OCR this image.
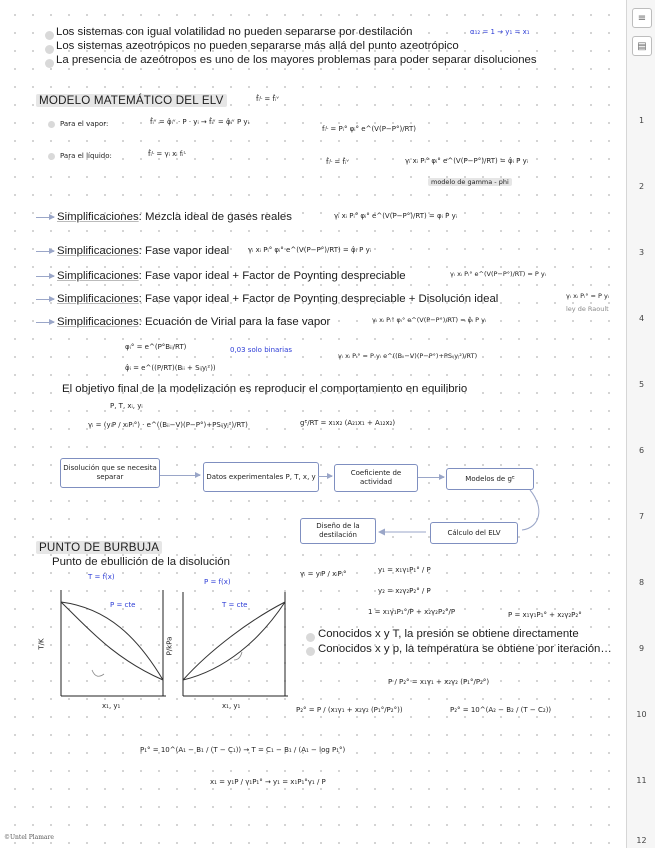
Los sistemas con igual volatilidad no pueden separarse por destilación	α₁₂ = 1 → y₁ = x₁
Los sistemas azeotrópicos no pueden separarse más allá del punto azeotrópico
La presencia de azeótropos es uno de los mayores problemas para poder separar disoluciones
MODELO MATEMÁTICO DEL ELV	f̂ᵢᴸ = f̂ᵢᵛ
Para el vapor:	f̂ᵢᵛ = φ̂ᵢᵛ · P · yᵢ → f̂ᵢᵛ = φ̂ᵢᵛ P yᵢ
fᵢᴸ = Pᵢ° φᵢ° e^(V(P−P°)/RT)
Para el líquido:	f̂ᵢᴸ = γᵢ xᵢ fᵢᴸ
f̂ᵢᴸ = f̂ᵢᵛ	γᵢ xᵢ Pᵢ° φᵢ° e^(V(P−P°)/RT) = φ̂ᵢ P yᵢ
modelo de gamma - phi
Simplificaciones: Mezcla ideal de gases reales	γᵢ xᵢ Pᵢ° φᵢ° e^(V(P−P°)/RT) = φᵢ P yᵢ
Simplificaciones: Fase vapor ideal	γᵢ xᵢ Pᵢ° φᵢ° e^(V(P−P°)/RT) = φ̂ᵢ P yᵢ
Simplificaciones: Fase vapor ideal + Factor de Poynting despreciable	γᵢ xᵢ Pᵢ° e^(V(P−P°)/RT) = P yᵢ
Simplificaciones: Fase vapor ideal + Factor de Poynting despreciable + Disolución ideal	γᵢ xᵢ Pᵢ° = P yᵢ
ley de Raoult
Simplificaciones: Ecuación de Virial para la fase vapor	γᵢ xᵢ Pᵢ° φᵢ° e^(V(P−P°)/RT) = φ̂ᵢ P yᵢ
φᵢ° = e^(P°Bᵢᵢ/RT)	0,03 solo binarias
φ̂ᵢ = e^((P/RT)(Bᵢᵢ + Sᵢⱼyⱼ²))
γᵢ xᵢ Pᵢ° = P yᵢ e^((Bᵢᵢ−V)(P−P°)+PSᵢⱼyⱼ²)/RT)
El objetivo final de la modelización es reproducir el comportamiento en equilibrio
P, T, xᵢ, yᵢ
γᵢ = (yᵢP / xᵢPᵢ°) · e^((Bᵢᵢ−V)(P−P°)+PSᵢⱼyⱼ²)/RT)	gᴱ/RT = x₁x₂ (A₂₁x₁ + A₁₂x₂)
Disolución que se necesita separar	Datos experimentales P, T, x, y	Coeficiente de actividad	Modelos de gᴱ
Cálculo del ELV
Diseño de la destilación
PUNTO DE BURBUJA
Punto de ebullición de la disolución
T = f(x)
P = cte
T/K
x₁, y₁
P = f(x)
T = cte
P/kPa
x₁, y₁
γᵢ = yᵢP / xᵢPᵢ°	y₁ = x₁γ₁P₁° / P
y₂ = x₂γ₂P₂° / P
1 = x₁γ₁P₁°/P + x₂γ₂P₂°/P	P = x₁γ₁P₁° + x₂γ₂P₂°
Conocidos x y T, la presión se obtiene directamente
Conocidos x y p, la temperatura se obtiene por iteración…
P / P₂° = x₁γ₁ + x₂γ₂ (P₁°/P₂°)
P₂° = P / (x₁γ₁ + x₂γ₂ (P₁°/P₂°))	P₂° = 10^(A₂ − B₂ / (T − C₂))
P₁° = 10^(A₁ − B₁ / (T − C₁)) → T = C₁ − B₁ / (A₁ − log P₁°)
x₁ = y₁P / γ₁P₁° → y₁ = x₁P₁°γ₁ / P
©Untel Plamare
≡
▤
1
2
3
4
5
6
7
8
9
10
11
12
